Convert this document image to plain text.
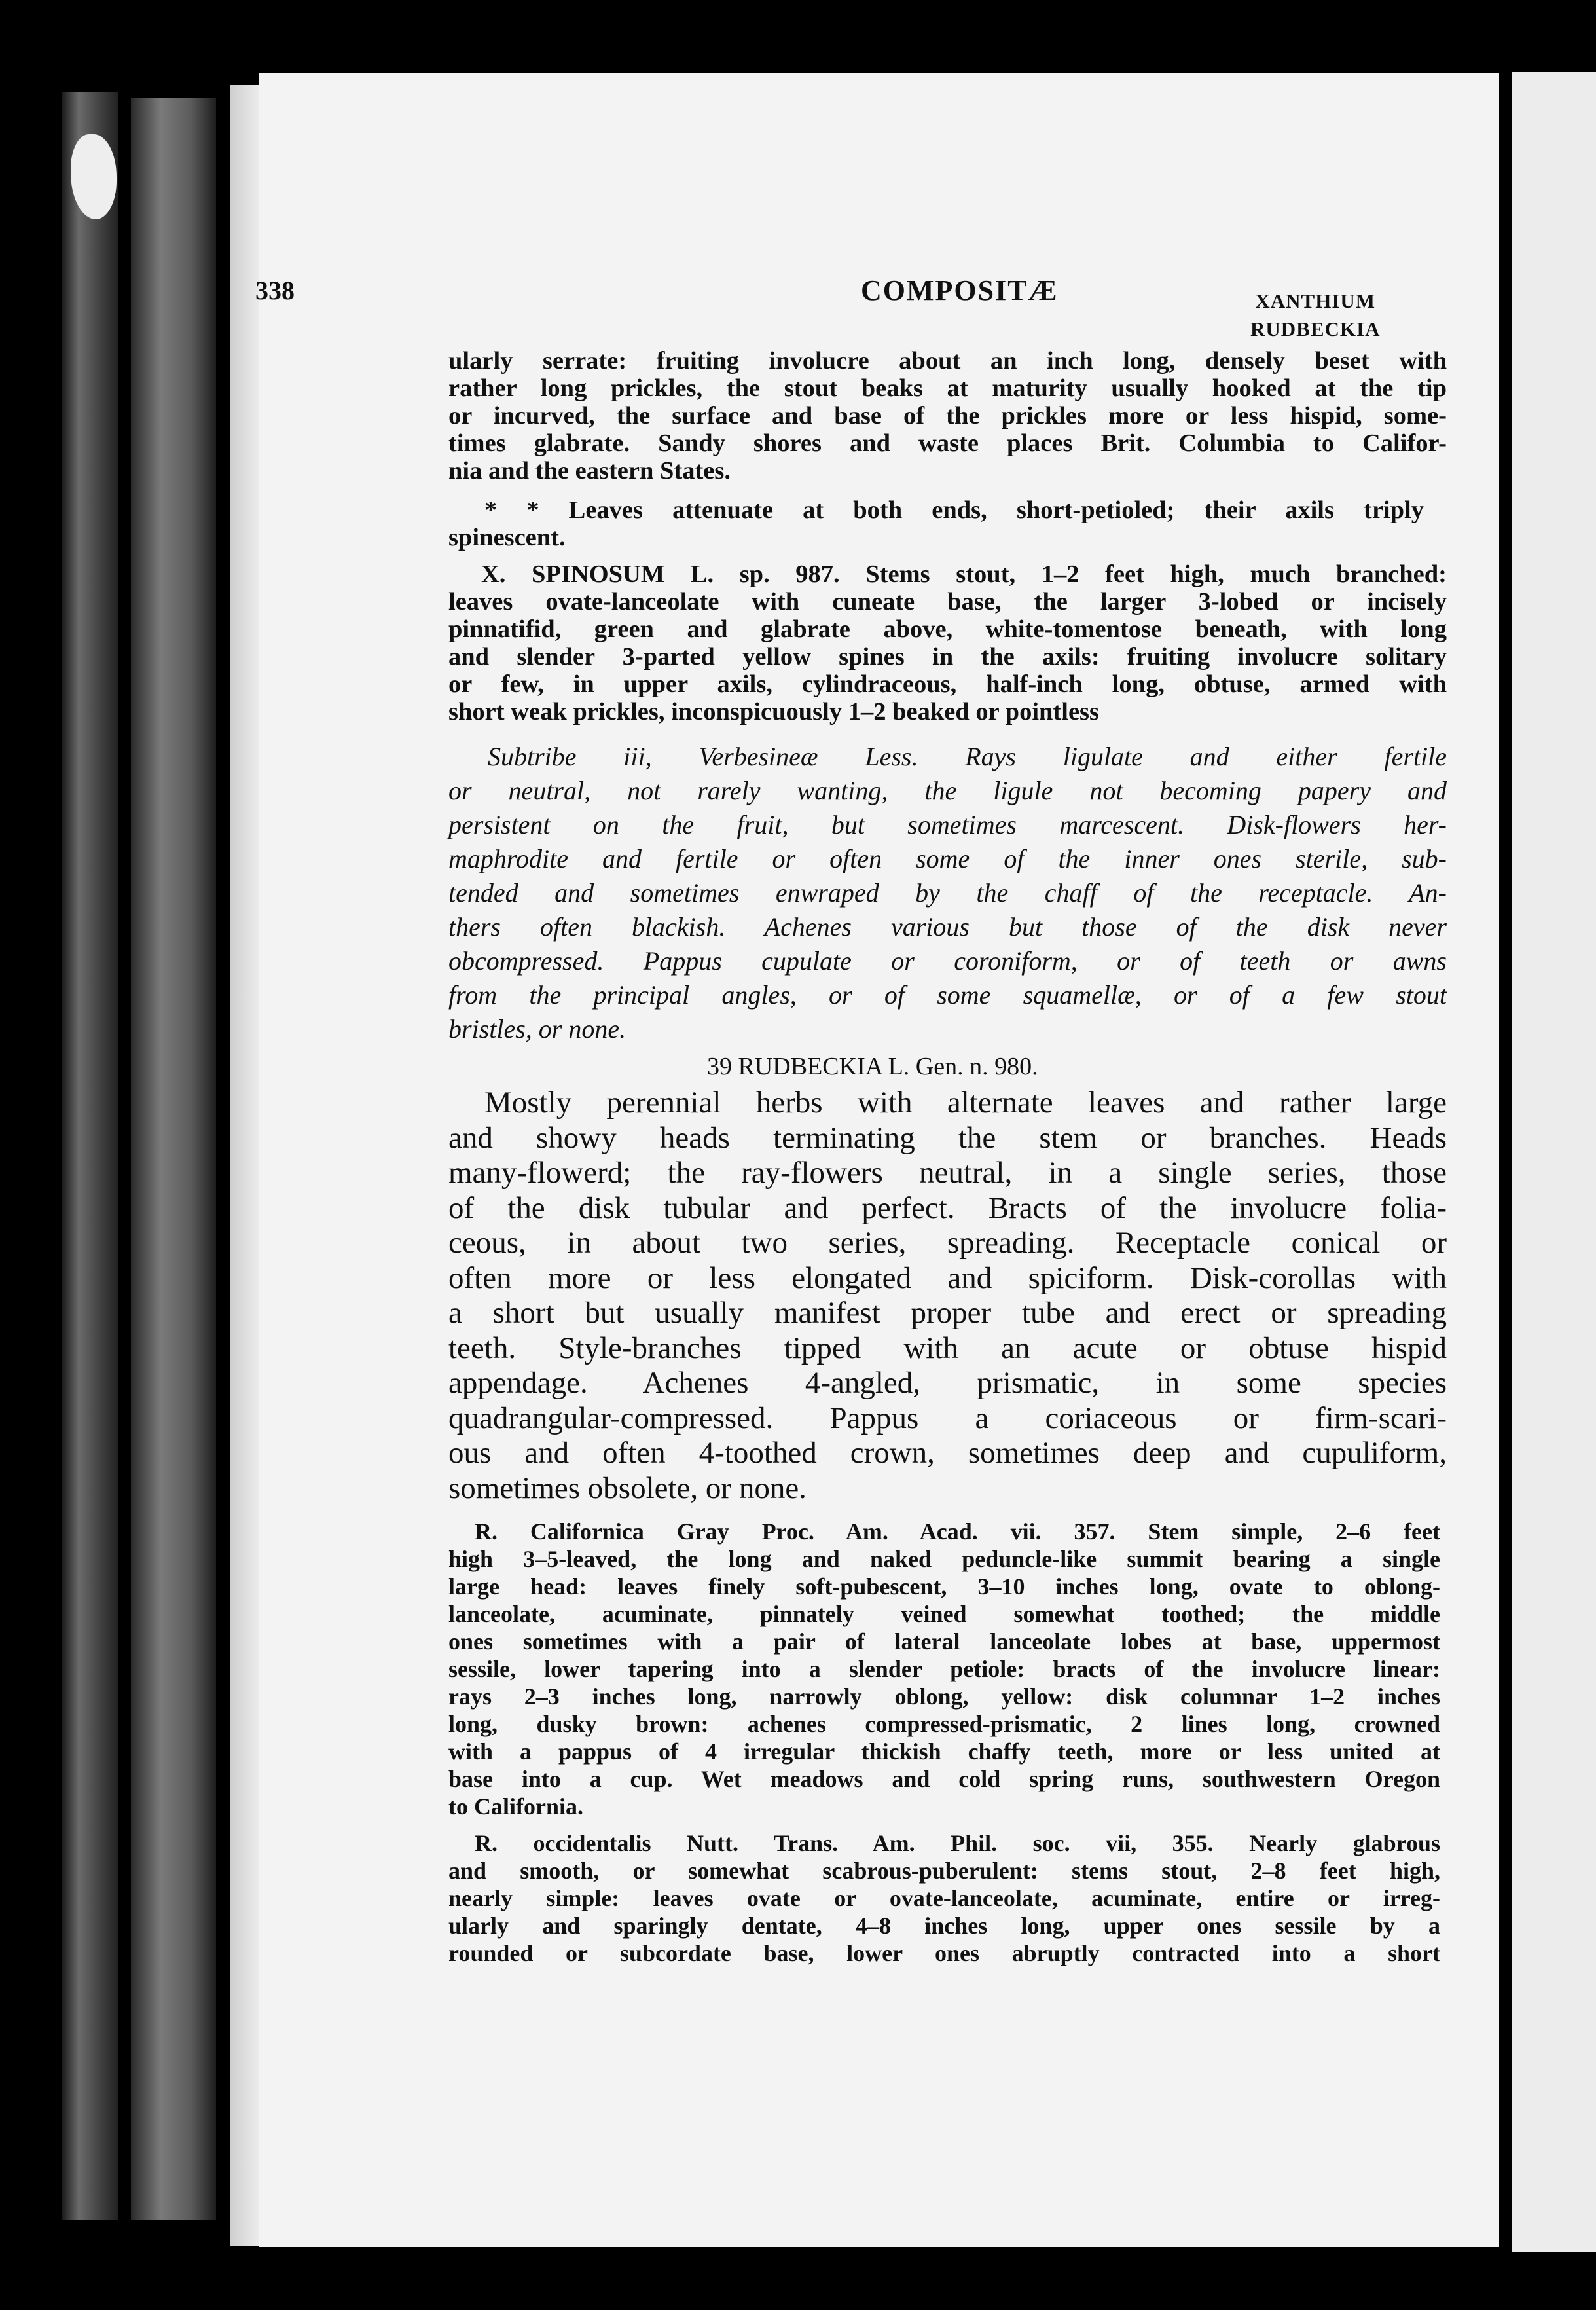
338	COMPOSITÆ	XANTHIUM
RUDBECKIA
ularly serrate: fruiting involucre about an inch long, densely beset with
rather long prickles, the stout beaks at maturity usually hooked at the tip
or incurved, the surface and base of the prickles more or less hispid, some-
times glabrate. Sandy shores and waste places Brit. Columbia to Califor-
nia and the eastern States.
* * Leaves attenuate at both ends, short-petioled; their axils triply
spinescent.
X. SPINOSUM L. sp. 987. Stems stout, 1–2 feet high, much branched:
leaves ovate-lanceolate with cuneate base, the larger 3-lobed or incisely
pinnatifid, green and glabrate above, white-tomentose beneath, with long
and slender 3-parted yellow spines in the axils: fruiting involucre solitary
or few, in upper axils, cylindraceous, half-inch long, obtuse, armed with
short weak prickles, inconspicuously 1–2 beaked or pointless
Subtribe iii, Verbesineæ Less. Rays ligulate and either fertile
or neutral, not rarely wanting, the ligule not becoming papery and
persistent on the fruit, but sometimes marcescent. Disk-flowers her-
maphrodite and fertile or often some of the inner ones sterile, sub-
tended and sometimes enwraped by the chaff of the receptacle. An-
thers often blackish. Achenes various but those of the disk never
obcompressed. Pappus cupulate or coroniform, or of teeth or awns
from the principal angles, or of some squamellæ, or of a few stout
bristles, or none.
39 RUDBECKIA L. Gen. n. 980.
Mostly perennial herbs with alternate leaves and rather large
and showy heads terminating the stem or branches. Heads
many-flowerd; the ray-flowers neutral, in a single series, those
of the disk tubular and perfect. Bracts of the involucre folia-
ceous, in about two series, spreading. Receptacle conical or
often more or less elongated and spiciform. Disk-corollas with
a short but usually manifest proper tube and erect or spreading
teeth. Style-branches tipped with an acute or obtuse hispid
appendage. Achenes 4-angled, prismatic, in some species
quadrangular-compressed. Pappus a coriaceous or firm-scari-
ous and often 4-toothed crown, sometimes deep and cupuliform,
sometimes obsolete, or none.
R. Californica Gray Proc. Am. Acad. vii. 357. Stem simple, 2–6 feet
high 3–5-leaved, the long and naked peduncle-like summit bearing a single
large head: leaves finely soft-pubescent, 3–10 inches long, ovate to oblong-
lanceolate, acuminate, pinnately veined somewhat toothed; the middle
ones sometimes with a pair of lateral lanceolate lobes at base, uppermost
sessile, lower tapering into a slender petiole: bracts of the involucre linear:
rays 2–3 inches long, narrowly oblong, yellow: disk columnar 1–2 inches
long, dusky brown: achenes compressed-prismatic, 2 lines long, crowned
with a pappus of 4 irregular thickish chaffy teeth, more or less united at
base into a cup. Wet meadows and cold spring runs, southwestern Oregon
to California.
R. occidentalis Nutt. Trans. Am. Phil. soc. vii, 355. Nearly glabrous
and smooth, or somewhat scabrous-puberulent: stems stout, 2–8 feet high,
nearly simple: leaves ovate or ovate-lanceolate, acuminate, entire or irreg-
ularly and sparingly dentate, 4–8 inches long, upper ones sessile by a
rounded or subcordate base, lower ones abruptly contracted into a short
